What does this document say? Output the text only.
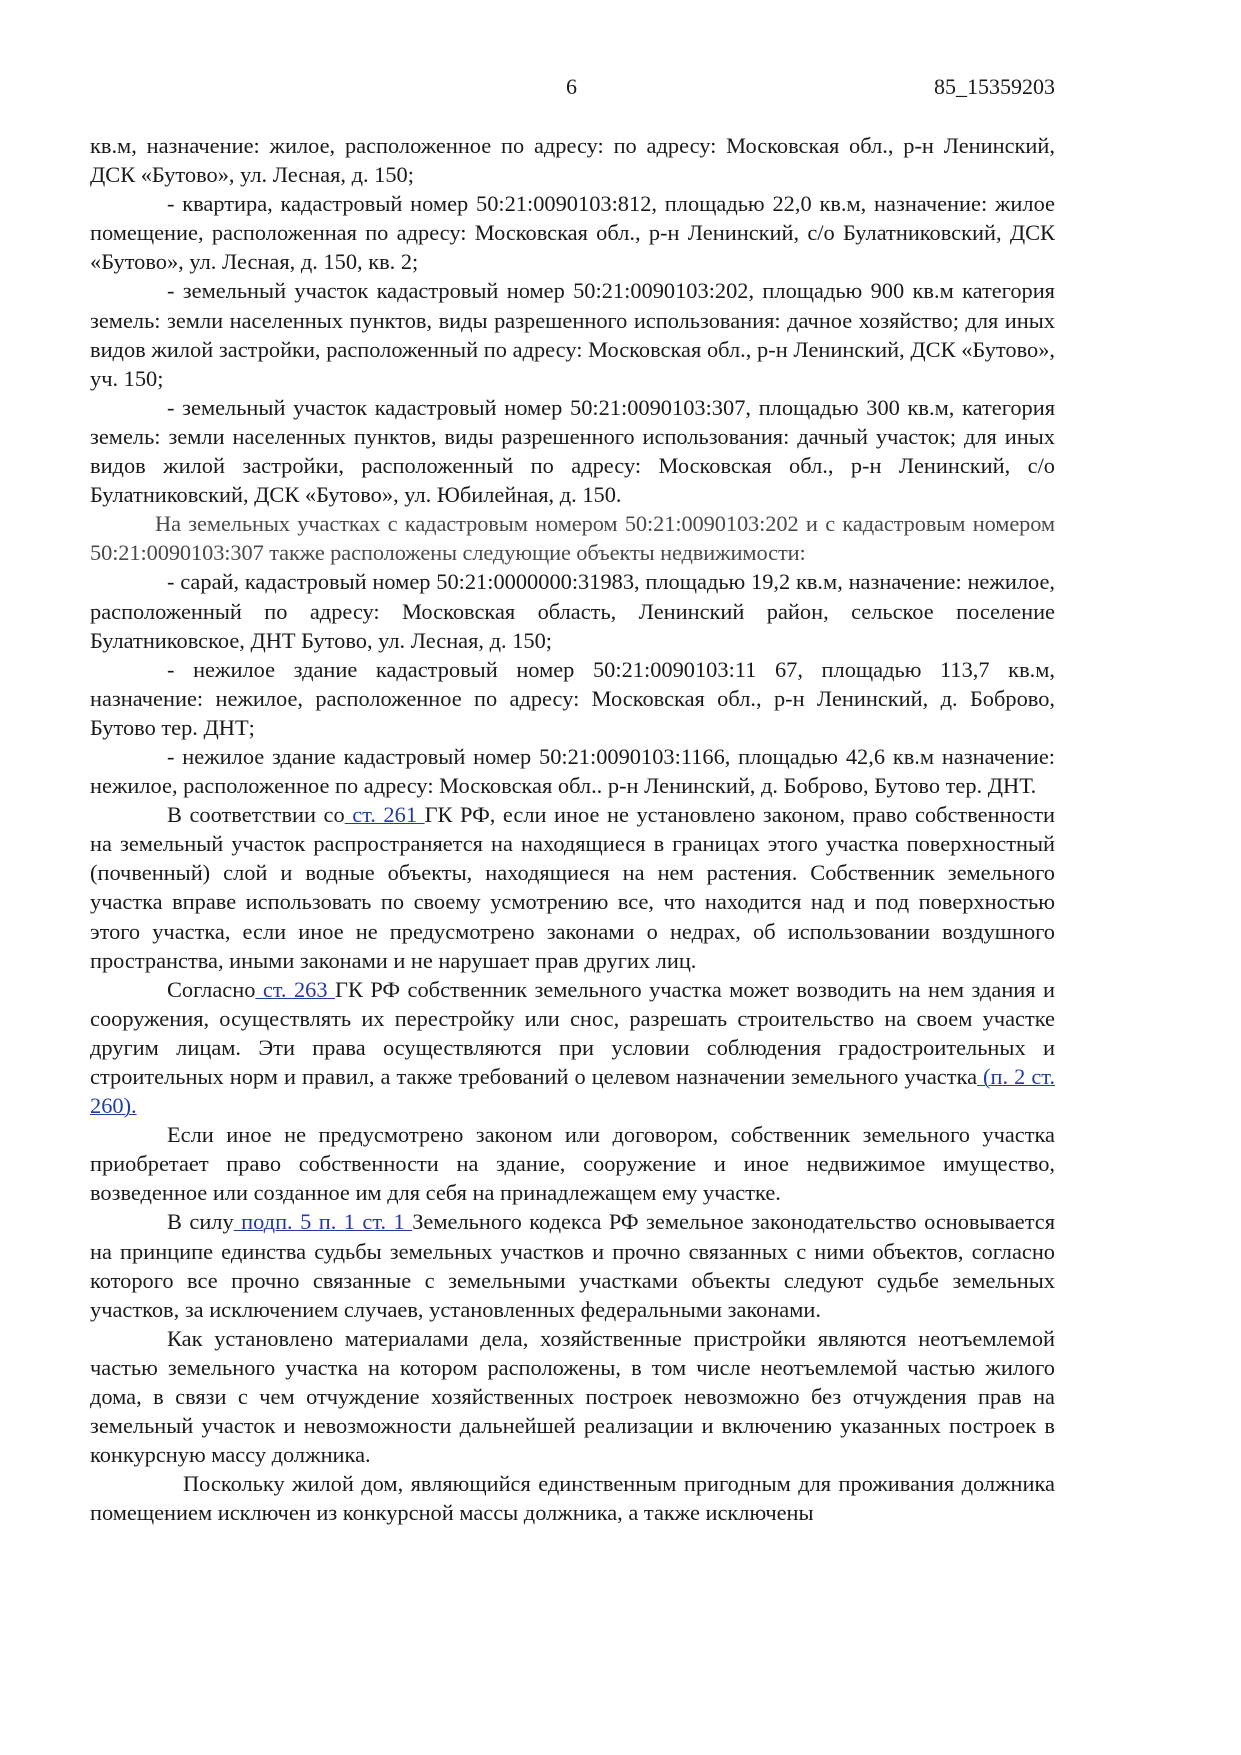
6	85_15359203

кв.м, назначение: жилое, расположенное по адресу: по адресу: Московская обл., р-н Ленинский, ДСК «Бутово», ул. Лесная, д. 150;

- квартира, кадастровый номер 50:21:0090103:812, площадью 22,0 кв.м, назначение: жилое помещение, расположенная по адресу: Московская обл., р-н Ленинский, с/о Булатниковский, ДСК «Бутово», ул. Лесная, д. 150, кв. 2;

- земельный участок кадастровый номер 50:21:0090103:202, площадью 900 кв.м категория земель: земли населенных пунктов, виды разрешенного использования: дачное хозяйство; для иных видов жилой застройки, расположенный по адресу: Московская обл., р-н Ленинский, ДСК «Бутово», уч. 150;

- земельный участок кадастровый номер 50:21:0090103:307, площадью 300 кв.м, категория земель: земли населенных пунктов, виды разрешенного использования: дачный участок; для иных видов жилой застройки, расположенный по адресу: Московская обл., р-н Ленинский, с/о Булатниковский, ДСК «Бутово», ул. Юбилейная, д. 150.

На земельных участках с кадастровым номером 50:21:0090103:202 и с кадастровым номером 50:21:0090103:307 также расположены следующие объекты недвижимости:

- сарай, кадастровый номер 50:21:0000000:31983, площадью 19,2 кв.м, назначение: нежилое, расположенный по адресу: Московская область, Ленинский район, сельское поселение Булатниковское, ДНТ Бутово, ул. Лесная, д. 150;

- нежилое здание кадастровый номер 50:21:0090103:11 67, площадью 113,7 кв.м, назначение: нежилое, расположенное по адресу: Московская обл., р-н Ленинский, д. Боброво, Бутово тер. ДНТ;

- нежилое здание кадастровый номер 50:21:0090103:1166, площадью 42,6 кв.м назначение: нежилое, расположенное по адресу: Московская обл.. р-н Ленинский, д. Боброво, Бутово тер. ДНТ.

В соответствии со ст. 261 ГК РФ, если иное не установлено законом, право собственности на земельный участок распространяется на находящиеся в границах этого участка поверхностный (почвенный) слой и водные объекты, находящиеся на нем растения. Собственник земельного участка вправе использовать по своему усмотрению все, что находится над и под поверхностью этого участка, если иное не предусмотрено законами о недрах, об использовании воздушного пространства, иными законами и не нарушает прав других лиц.

Согласно ст. 263 ГК РФ собственник земельного участка может возводить на нем здания и сооружения, осуществлять их перестройку или снос, разрешать строительство на своем участке другим лицам. Эти права осуществляются при условии соблюдения градостроительных и строительных норм и правил, а также требований о целевом назначении земельного участка (п. 2 ст. 260).

Если иное не предусмотрено законом или договором, собственник земельного участка приобретает право собственности на здание, сооружение и иное недвижимое имущество, возведенное или созданное им для себя на принадлежащем ему участке.

В силу подп. 5 п. 1 ст. 1 Земельного кодекса РФ земельное законодательство основывается на принципе единства судьбы земельных участков и прочно связанных с ними объектов, согласно которого все прочно связанные с земельными участками объекты следуют судьбе земельных участков, за исключением случаев, установленных федеральными законами.

Как установлено материалами дела, хозяйственные пристройки являются неотъемлемой частью земельного участка на котором расположены, в том числе неотъемлемой частью жилого дома, в связи с чем отчуждение хозяйственных построек невозможно без отчуждения прав на земельный участок и невозможности дальнейшей реализации и включению указанных построек в конкурсную массу должника.

Поскольку жилой дом, являющийся единственным пригодным для проживания должника помещением исключен из конкурсной массы должника, а также исключены
